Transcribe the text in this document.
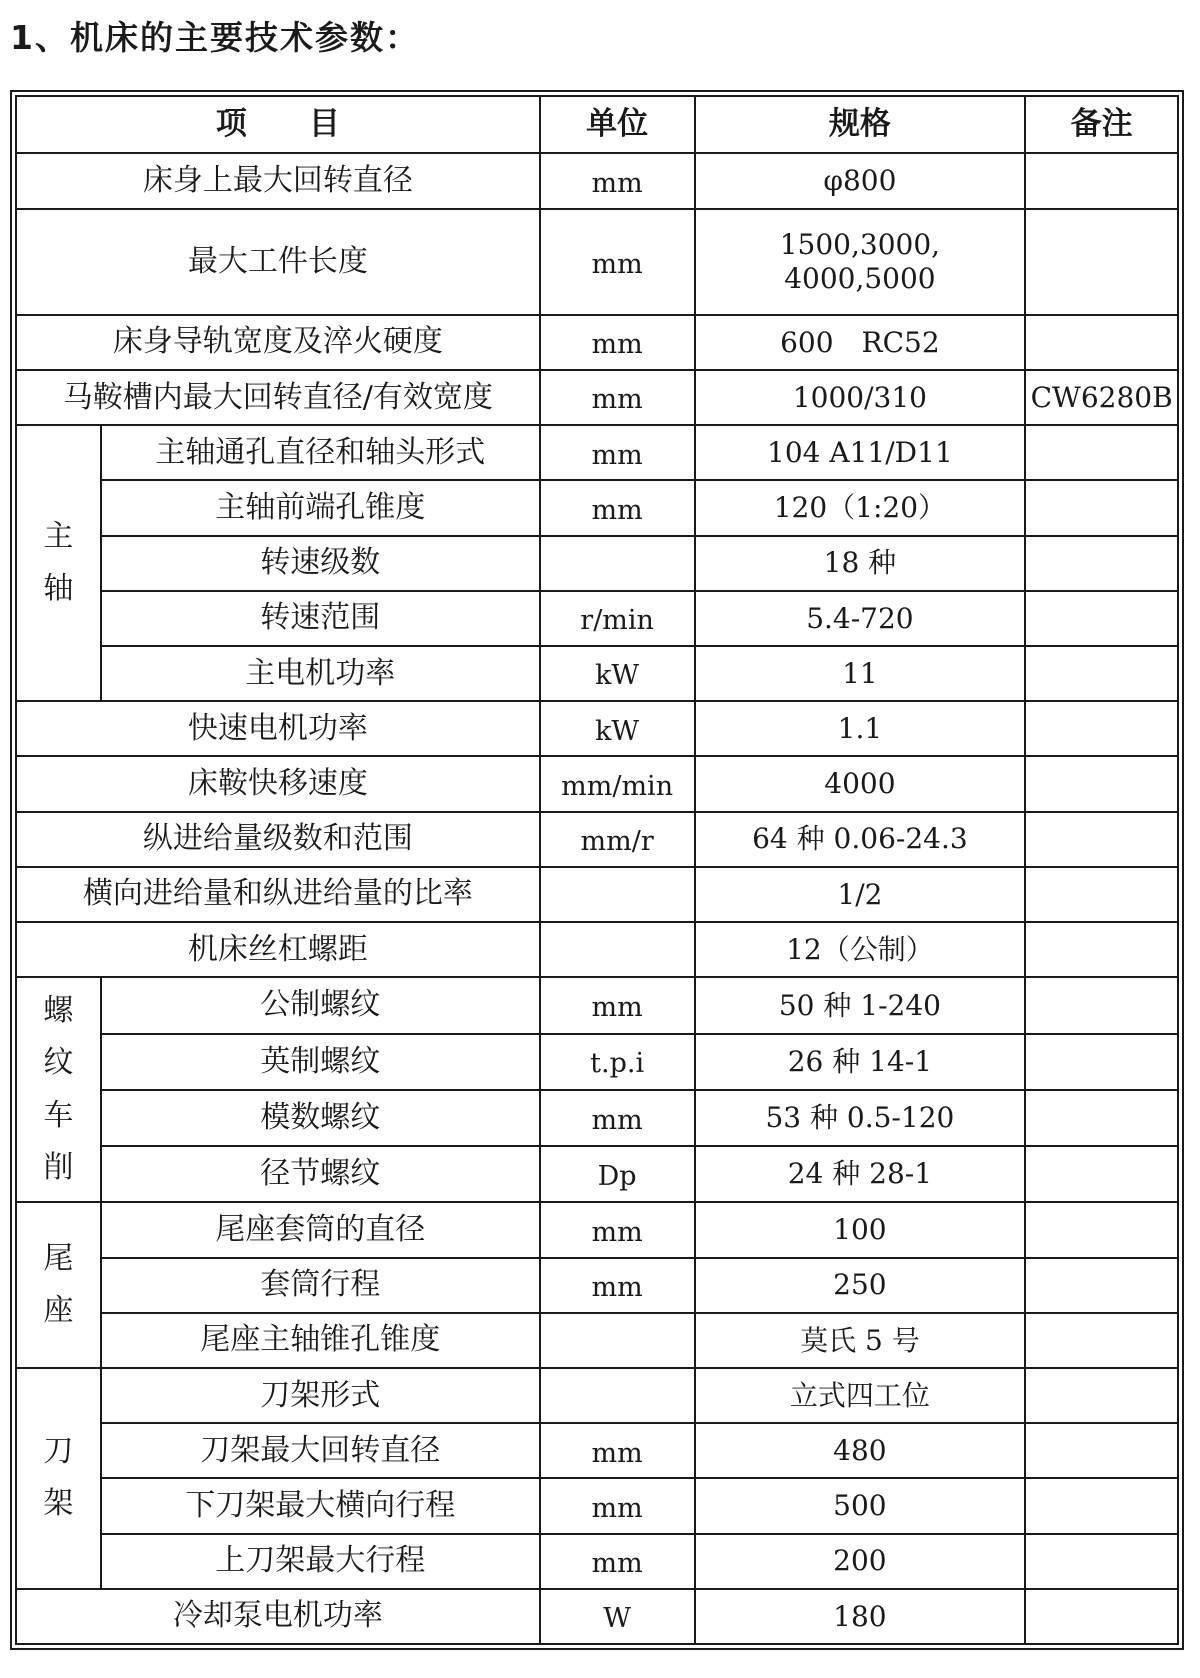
1、机床的主要技术参数：
项　　目		单位	规格	备注
床身上最大回转直径		mm	φ800	
最大工件长度		mm	1500,3000,
4000,5000	
床身导轨宽度及淬火硬度		mm	600　RC52	
马鞍槽内最大回转直径/有效宽度		mm	1000/310	CW6280B
主
轴	主轴通孔直径和轴头形式	mm	104 A11/D11	
	主轴前端孔锥度	mm	120（1:20）	
	转速级数		18 种	
	转速范围	r/min	5.4-720	
	主电机功率	kW	11	
快速电机功率		kW	1.1	
床鞍快移速度		mm/min	4000	
纵进给量级数和范围		mm/r	64 种 0.06-24.3	
横向进给量和纵进给量的比率			1/2	
机床丝杠螺距			12（公制）	
螺
纹
车
削	公制螺纹	mm	50 种 1-240	
	英制螺纹	t.p.i	26 种 14-1	
	模数螺纹	mm	53 种 0.5-120	
	径节螺纹	Dp	24 种 28-1	
尾
座	尾座套筒的直径	mm	100	
	套筒行程	mm	250	
	尾座主轴锥孔锥度		莫氏 5 号	
刀
架	刀架形式		立式四工位	
	刀架最大回转直径	mm	480	
	下刀架最大横向行程	mm	500	
	上刀架最大行程	mm	200	
冷却泵电机功率		W	180	
